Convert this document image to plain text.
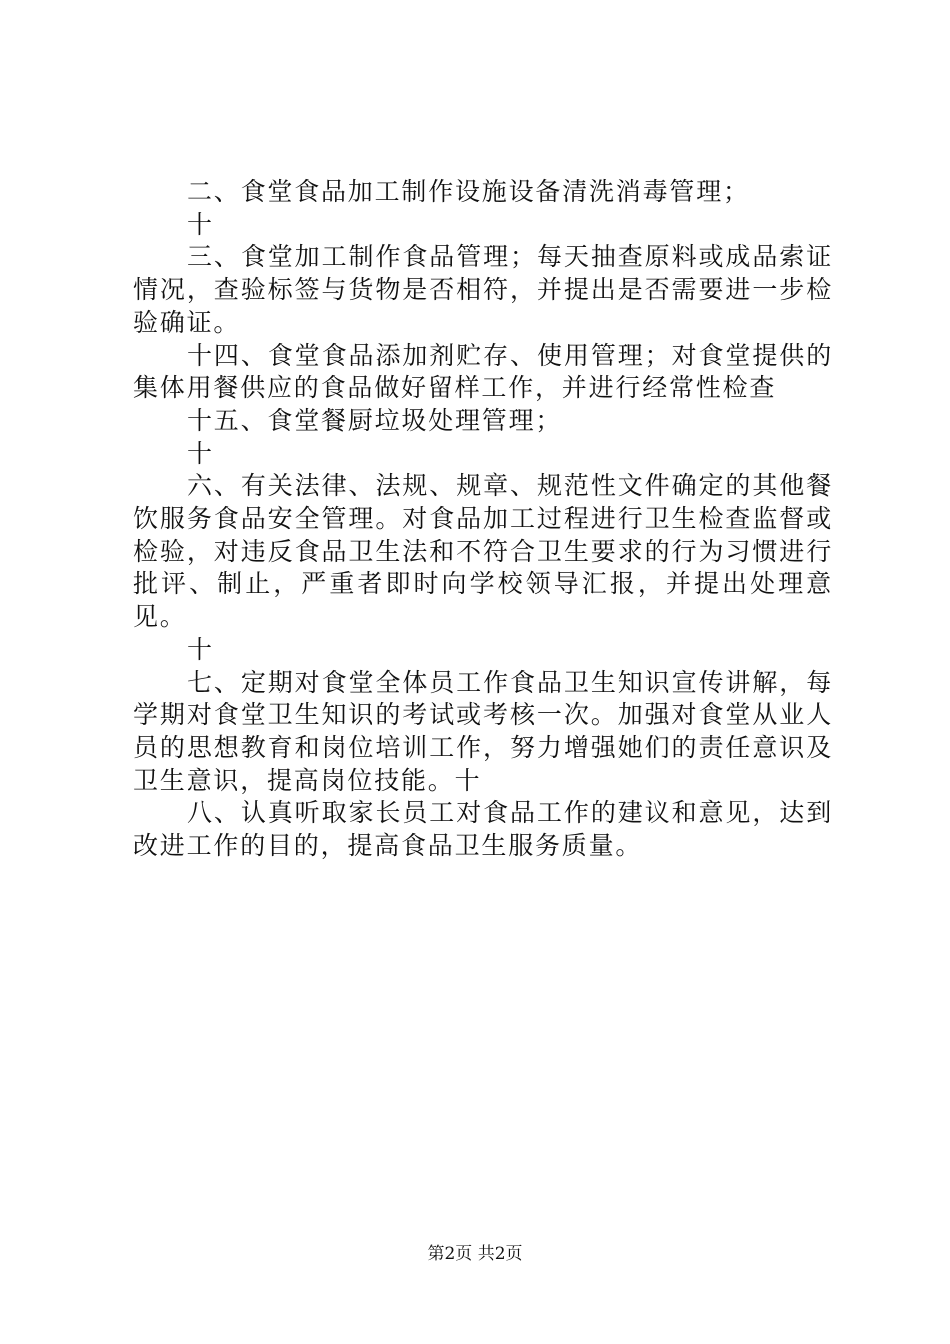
二、食堂食品加工制作设施设备清洗消毒管理；

十

三、食堂加工制作食品管理；每天抽查原料或成品索证情况，查验标签与货物是否相符，并提出是否需要进一步检验确证。

十四、食堂食品添加剂贮存、使用管理；对食堂提供的集体用餐供应的食品做好留样工作，并进行经常性检查

十五、食堂餐厨垃圾处理管理；

十

六、有关法律、法规、规章、规范性文件确定的其他餐饮服务食品安全管理。对食品加工过程进行卫生检查监督或检验，对违反食品卫生法和不符合卫生要求的行为习惯进行批评、制止，严重者即时向学校领导汇报，并提出处理意见。

十

七、定期对食堂全体员工作食品卫生知识宣传讲解，每学期对食堂卫生知识的考试或考核一次。加强对食堂从业人员的思想教育和岗位培训工作，努力增强她们的责任意识及卫生意识，提高岗位技能。十

八、认真听取家长员工对食品工作的建议和意见，达到改进工作的目的，提高食品卫生服务质量。

第2页 共2页
